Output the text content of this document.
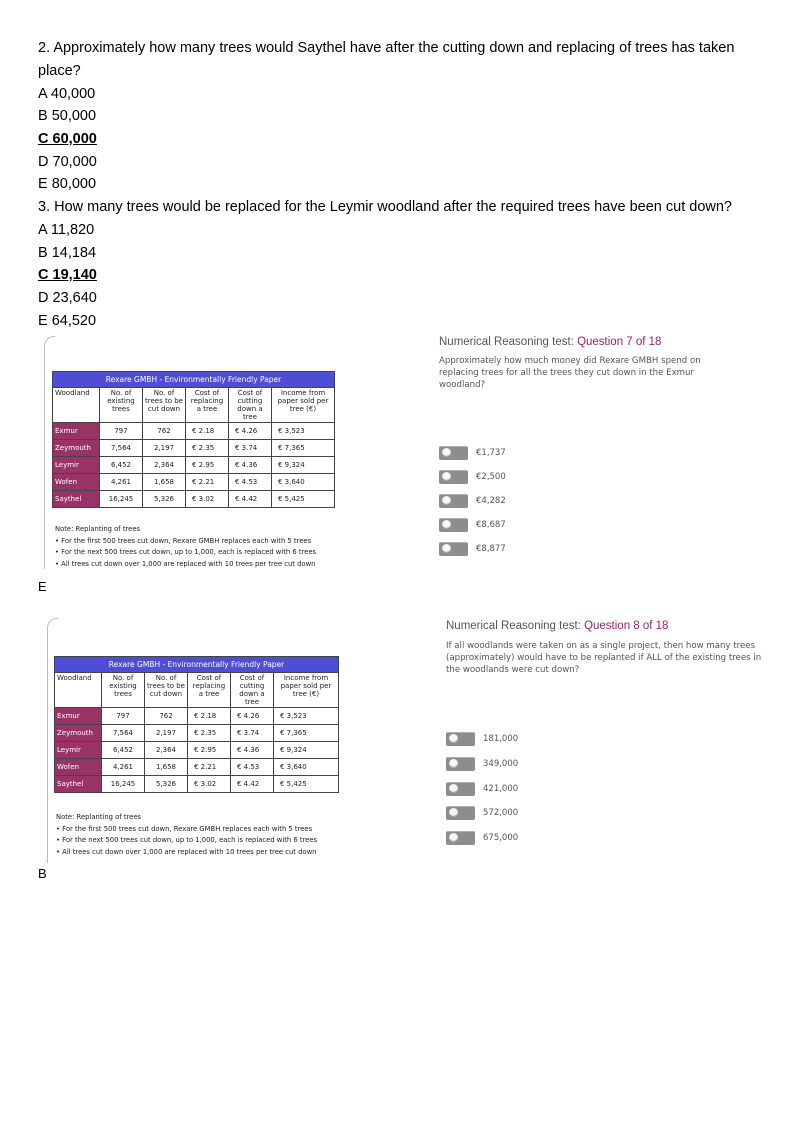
2. Approximately how many trees would Saythel have after the cutting down and replacing of trees has taken
place?
A 40,000
B 50,000
C 60,000
D 70,000
E 80,000
3. How many trees would be replaced for the Leymir woodland after the required trees have been cut down?
A 11,820
B 14,184
C 19,140
D 23,640
E 64,520
Rexare GMBH - Environmentally Friendly Paper					
Woodland	No. of existing trees	No. of trees to be cut down	Cost of replacing a tree	Cost of cutting down a tree	Income from paper sold per tree (€)
Exmur	797	762	€ 2.18	€ 4.26	€ 3,523
Zeymouth	7,564	2,197	€ 2.35	€ 3.74	€ 7,365
Leymir	6,452	2,364	€ 2.95	€ 4.36	€ 9,324
Wofen	4,261	1,658	€ 2.21	€ 4.53	€ 3,640
Saythel	16,245	5,326	€ 3.02	€ 4.42	€ 5,425
Note: Replanting of trees
• For the first 500 trees cut down, Rexare GMBH replaces each with 5 trees
• For the next 500 trees cut down, up to 1,000, each is replaced with 6 trees
• All trees cut down over 1,000 are replaced with 10 trees per tree cut down
Numerical Reasoning test: Question 7 of 18
Approximately how much money did Rexare GMBH spend on replacing trees for all the trees they cut down in the Exmur woodland?
€1,737
€2,500
€4,282
€8,687
€8,877
E
Rexare GMBH - Environmentally Friendly Paper					
Woodland	No. of existing trees	No. of trees to be cut down	Cost of replacing a tree	Cost of cutting down a tree	Income from paper sold per tree (€)
Exmur	797	762	€ 2.18	€ 4.26	€ 3,523
Zeymouth	7,564	2,197	€ 2.35	€ 3.74	€ 7,365
Leymir	6,452	2,364	€ 2.95	€ 4.36	€ 9,324
Wofen	4,261	1,658	€ 2.21	€ 4.53	€ 3,640
Saythel	16,245	5,326	€ 3.02	€ 4.42	€ 5,425
Note: Replanting of trees
• For the first 500 trees cut down, Rexare GMBH replaces each with 5 trees
• For the next 500 trees cut down, up to 1,000, each is replaced with 6 trees
• All trees cut down over 1,000 are replaced with 10 trees per tree cut down
Numerical Reasoning test: Question 8 of 18
If all woodlands were taken on as a single project, then how many trees (approximately) would have to be replanted if ALL of the existing trees in the woodlands were cut down?
181,000
349,000
421,000
572,000
675,000
B
